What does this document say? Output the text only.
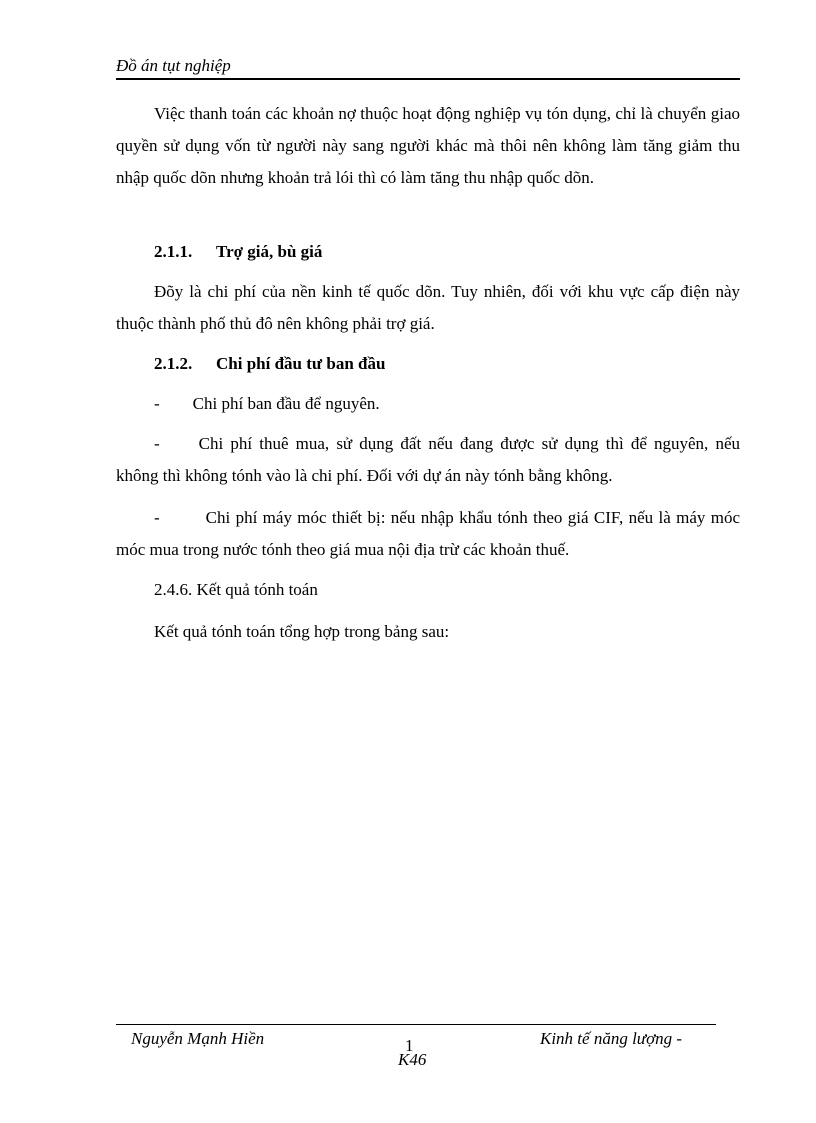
Đồ án tụt nghiệp

Việc thanh toán các khoản nợ thuộc hoạt động nghiệp vụ tón dụng, chỉ là chuyển giao quyền sử dụng vốn từ người này sang người khác mà thôi nên không làm tăng giảm thu nhập quốc dõn nhưng khoản trả lói thì có làm tăng thu nhập quốc dõn.

2.1.1. Trợ giá, bù giá

Đõy là chi phí của nền kinh tế quốc dõn. Tuy nhiên, đối với khu vực cấp điện này thuộc thành phố thủ đô nên không phải trợ giá.

2.1.2. Chi phí đầu tư ban đầu

- Chi phí ban đầu để nguyên.

- Chi phí thuê mua, sử dụng đất nếu đang được sử dụng thì để nguyên, nếu không thì không tónh vào là chi phí. Đối với dự án này tónh bằng không.

-	Chi phí máy móc thiết bị: nếu nhập khẩu tónh theo giá CIF, nếu là máy móc móc mua trong nước tónh theo giá mua nội địa trừ các khoản thuế.

2.4.6. Kết quả tónh toán
Kết quả tónh toán tổng hợp trong bảng sau:
Nguyễn Mạnh Hiền	1	Kinh tế năng lượng -
K46
